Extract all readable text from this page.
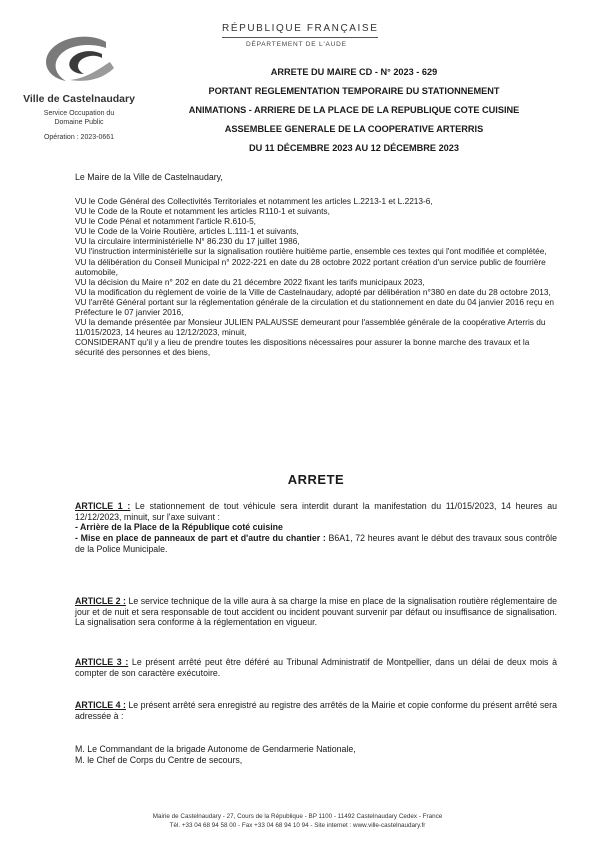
Ville de Castelnaudary
Service Occupation du Domaine Public
Opération : 2023-0661
RÉPUBLIQUE FRANÇAISE
DÉPARTEMENT DE L'AUDE
ARRETE DU MAIRE CD - N° 2023 - 629
PORTANT REGLEMENTATION TEMPORAIRE DU STATIONNEMENT
ANIMATIONS - ARRIERE DE LA PLACE DE LA REPUBLIQUE COTE CUISINE
ASSEMBLEE GENERALE DE LA COOPERATIVE ARTERRIS
DU 11 DÉCEMBRE 2023 AU 12 DÉCEMBRE 2023
Le Maire de la Ville de Castelnaudary,

VU le Code Général des Collectivités Territoriales et notamment les articles L.2213-1 et L.2213-6,

VU le Code de la Route et notamment les articles R110-1 et suivants,

VU le Code Pénal et notamment l'article R.610-5,

VU le Code de la Voirie Routière, articles L.111-1 et suivants,

VU la circulaire interministérielle N° 86.230 du 17 juillet 1986,

VU l'instruction interministérielle sur la signalisation routière huitième partie, ensemble ces textes qui l'ont modifiée et complétée,

VU la délibération du Conseil Municipal n° 2022-221 en date du 28 octobre 2022 portant création d'un service public de fourrière automobile,

VU la décision du Maire n° 202 en date du 21 décembre 2022 fixant les tarifs municipaux 2023,

VU la modification du règlement de voirie de la Ville de Castelnaudary, adopté par délibération n°380 en date du 28 octobre 2013,

VU l'arrêté Général portant sur la réglementation générale de la circulation et du stationnement en date du 04 janvier 2016 reçu en Préfecture le 07 janvier 2016,

VU la demande présentée par Monsieur JULIEN PALAUSSE demeurant pour l'assemblée générale de la coopérative Arterris du 11/015/2023, 14 heures au 12/12/2023, minuit,

CONSIDERANT qu'il y a lieu de prendre toutes les dispositions nécessaires pour assurer la bonne marche des travaux et la sécurité des personnes et des biens,

ARRETE

ARTICLE 1 : Le stationnement de tout véhicule sera interdit durant la manifestation du 11/015/2023, 14 heures au 12/12/2023, minuit, sur l'axe suivant :

- Arrière de la Place de la République coté cuisine

- Mise en place de panneaux de part et d'autre du chantier : B6A1, 72 heures avant le début des travaux sous contrôle de la Police Municipale.

ARTICLE 2 : Le service technique de la ville aura à sa charge la mise en place de la signalisation routière réglementaire de jour et de nuit et sera responsable de tout accident ou incident pouvant survenir par défaut ou insuffisance de signalisation. La signalisation sera conforme à la réglementation en vigueur.

ARTICLE 3 : Le présent arrêté peut être déféré au Tribunal Administratif de Montpellier, dans un délai de deux mois à compter de son caractère exécutoire.

ARTICLE 4 : Le présent arrêté sera enregistré au registre des arrêtés de la Mairie et copie conforme du présent arrêté sera adressée à :

M. Le Commandant de la brigade Autonome de Gendarmerie Nationale,

M. le Chef de Corps du Centre de secours,

Mairie de Castelnaudary - 27, Cours de la République - BP 1100 - 11492 Castelnaudary Cedex - France
Tél. +33 04 68 94 58 00 - Fax +33 04 68 94 10 94 - Site internet : www.ville-castelnaudary.fr
